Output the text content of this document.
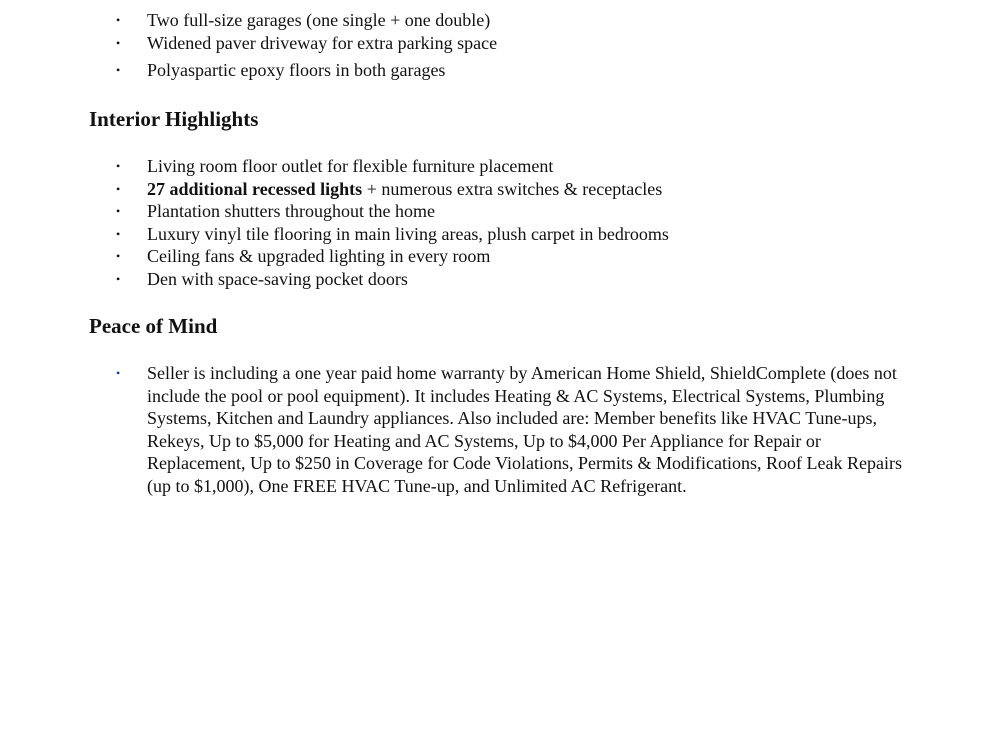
•	Two full-size garages (one single + one double)
•	Widened paver driveway for extra parking space
•	Polyaspartic epoxy floors in both garages
Interior Highlights
•	Living room floor outlet for flexible furniture placement
•	27 additional recessed lights + numerous extra switches & receptacles
•	Plantation shutters throughout the home
•	Luxury vinyl tile flooring in main living areas, plush carpet in bedrooms
•	Ceiling fans & upgraded lighting in every room
•	Den with space-saving pocket doors
Peace of Mind
•	Seller is including a one year paid home warranty by American Home Shield, ShieldComplete (does not include the pool or pool equipment). It includes Heating & AC Systems, Electrical Systems, Plumbing Systems, Kitchen and Laundry appliances. Also included are: Member benefits like HVAC Tune-ups, Rekeys, Up to $5,000 for Heating and AC Systems, Up to $4,000 Per Appliance for Repair or Replacement, Up to $250 in Coverage for Code Violations, Permits & Modifications, Roof Leak Repairs (up to $1,000), One FREE HVAC Tune-up, and Unlimited AC Refrigerant.
